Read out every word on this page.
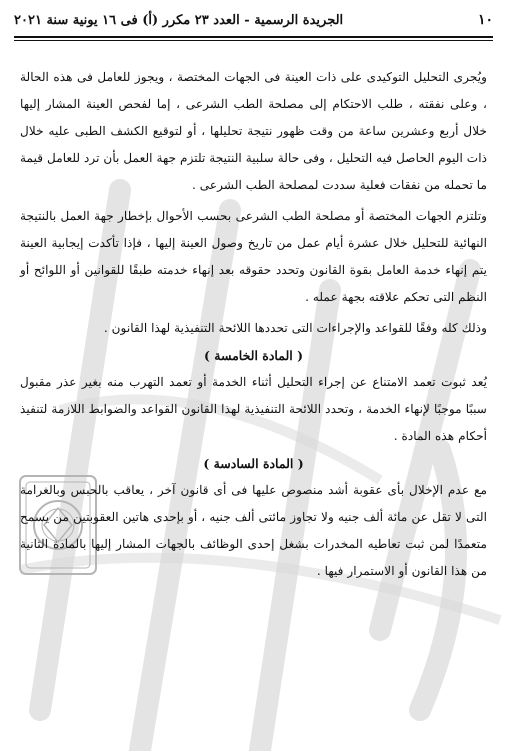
١٠
الجريدة الرسمية - العدد ٢٣ مكرر (أ) فى ١٦ يونية سنة ٢٠٢١

ويُجرى التحليل التوكيدى على ذات العينة فى الجهات المختصة ، ويجوز للعامل فى هذه الحالة ، وعلى نفقته ، طلب الاحتكام إلى مصلحة الطب الشرعى ، إما لفحص العينة المشار إليها خلال أربع وعشرين ساعة من وقت ظهور نتيجة تحليلها ، أو لتوقيع الكشف الطبى عليه خلال ذات اليوم الحاصل فيه التحليل ، وفى حالة سلبية النتيجة تلتزم جهة العمل بأن ترد للعامل قيمة ما تحمله من نفقات فعلية سددت لمصلحة الطب الشرعى .

وتلتزم الجهات المختصة أو مصلحة الطب الشرعى بحسب الأحوال بإخطار جهة العمل بالنتيجة النهائية للتحليل خلال عشرة أيام عمل من تاريخ وصول العينة إليها ، فإذا تأكدت إيجابية العينة يتم إنهاء خدمة العامل بقوة القانون وتحدد حقوقه بعد إنهاء خدمته طبقًا للقوانين أو اللوائح أو النظم التى تحكم علاقته بجهة عمله .

وذلك كله وفقًا للقواعد والإجراءات التى تحددها اللائحة التنفيذية لهذا القانون .

( المادة الخامسة )

يُعد ثبوت تعمد الامتناع عن إجراء التحليل أثناء الخدمة أو تعمد التهرب منه بغير عذر مقبول سببًا موجبًا لإنهاء الخدمة ، وتحدد اللائحة التنفيذية لهذا القانون القواعد والضوابط اللازمة لتنفيذ أحكام هذه المادة .

( المادة السادسة )

مع عدم الإخلال بأى عقوبة أشد منصوص عليها فى أى قانون آخر ، يعاقب بالحبس وبالغرامة التى لا تقل عن مائة ألف جنيه ولا تجاوز مائتى ألف جنيه ، أو بإحدى هاتين العقوبتين من يسمح متعمدًا لمن ثبت تعاطيه المخدرات بشغل إحدى الوظائف بالجهات المشار إليها بالمادة الثانية من هذا القانون أو الاستمرار فيها .
